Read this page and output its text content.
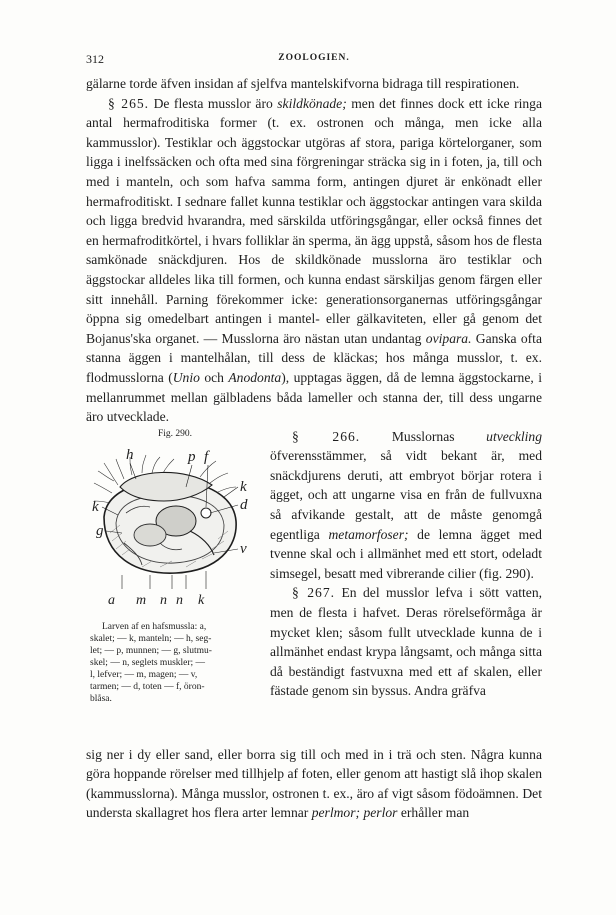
312	ZOOLOGIEN.

gälarne torde äfven insidan af sjelfva mantelskifvorna bidraga till respirationen.

§ 265. De flesta musslor äro skildkönade; men det finnes dock ett icke ringa antal hermafroditiska former (t. ex. ostronen och många, men icke alla kammusslor). Testiklar och äggstockar utgöras af stora, pariga körtelorganer, som ligga i inelfssäcken och ofta med sina förgreningar sträcka sig in i foten, ja, till och med i manteln, och som hafva samma form, antingen djuret är enkönadt eller hermafroditiskt. I sednare fallet kunna testiklar och äggstockar antingen vara skilda och ligga bredvid hvarandra, med särskilda utföringsgångar, eller också finnes det en hermafroditkörtel, i hvars folliklar än sperma, än ägg uppstå, såsom hos de flesta samkönade snäckdjuren. Hos de skildkönade musslorna äro testiklar och äggstockar alldeles lika till formen, och kunna endast särskiljas genom färgen eller sitt innehåll. Parning förekommer icke: generationsorganernas utföringsgångar öppna sig omedelbart antingen i mantel- eller gälkaviteten, eller gå genom det Bojanus'ska organet. — Musslorna äro nästan utan undantag ovipara. Ganska ofta stanna äggen i mantelhålan, till dess de kläckas; hos många musslor, t. ex. flodmusslorna (Unio och Anodonta), upptagas äggen, då de lemna äggstockarne, i mellanrummet mellan gälbladens båda lameller och stanna der, till dess ungarne äro utvecklade.

Fig. 290.
h	p f
k
g
k
d
v
a m n n k
Larven af en hafsmussla: a,
skalet; — k, manteln; — h, seg-
let; — p, munnen; — g, slutmu-
skel; — n, seglets muskler; —
l, lefver; — m, magen; — v,
tarmen; — d, toten — f, öron-
blåsa.

§ 266. Musslornas utveckling öfverensstämmer, så vidt bekant är, med snäckdjurens deruti, att embryot börjar rotera i ägget, och att ungarne visa en från de fullvuxna så afvikande gestalt, att de måste genomgå egentliga metamorfoser; de lemna ägget med tvenne skal och i allmänhet med ett stort, odeladt simsegel, besatt med vibrerande cilier (fig. 290).

§ 267. En del musslor lefva i sött vatten, men de flesta i hafvet. Deras rörelseförmåga är mycket klen; såsom fullt utvecklade kunna de i allmänhet endast krypa långsamt, och många sitta då beständigt fastvuxna med ett af skalen, eller fästade genom sin byssus. Andra gräfva

sig ner i dy eller sand, eller borra sig till och med in i trä och sten. Några kunna göra hoppande rörelser med tillhjelp af foten, eller genom att hastigt slå ihop skalen (kammusslorna). Många musslor, ostronen t. ex., äro af vigt såsom födoämnen. Det understa skallagret hos flera arter lemnar perlmor; perlor erhåller man
